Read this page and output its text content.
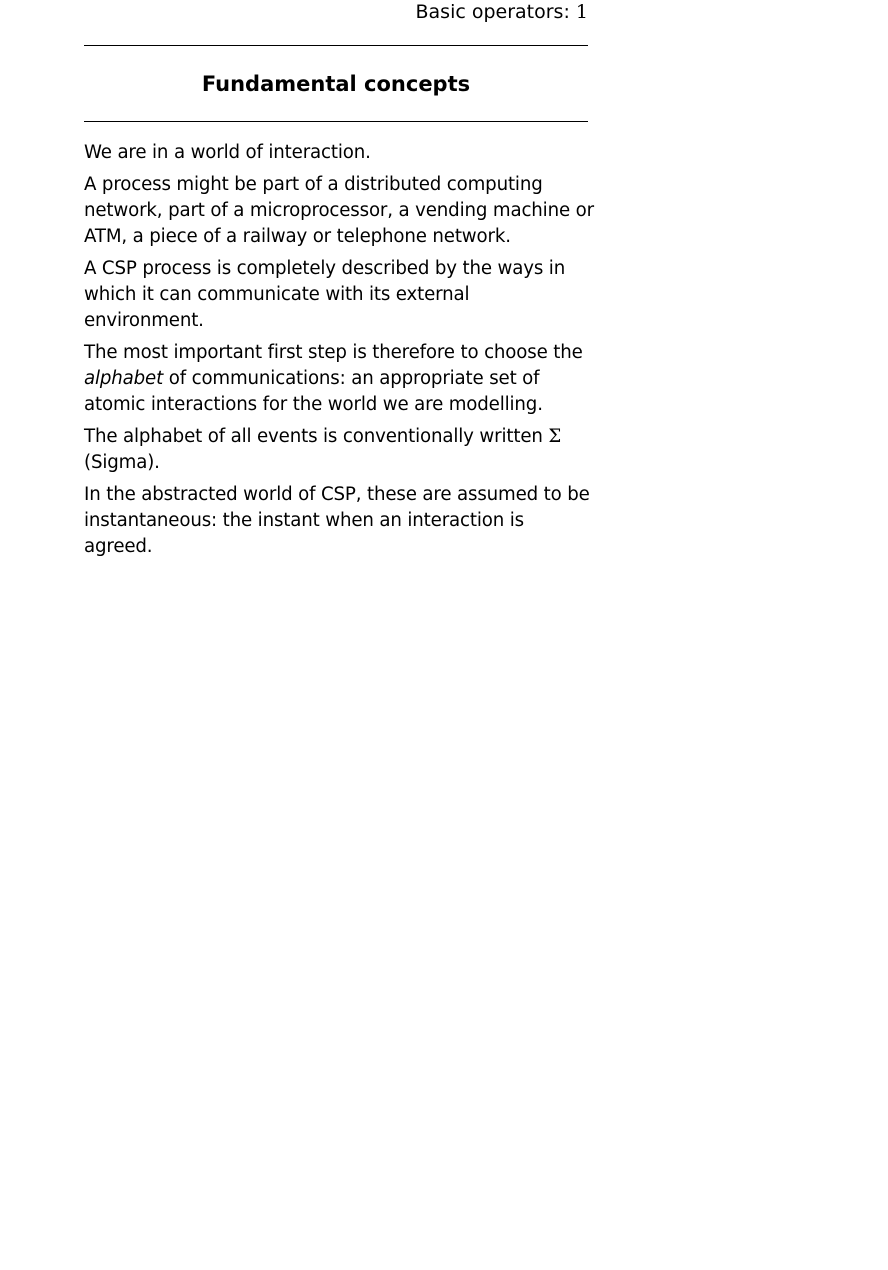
Basic operators: 1
Fundamental concepts

We are in a world of interaction.

A process might be part of a distributed computing network, part of a microprocessor, a vending machine or ATM, a piece of a railway or telephone network.

A CSP process is completely described by the ways in which it can communicate with its external environment.

The most important first step is therefore to choose the alphabet of communications: an appropriate set of atomic interactions for the world we are modelling.

The alphabet of all events is conventionally written Σ (Sigma).

In the abstracted world of CSP, these are assumed to be instantaneous: the instant when an interaction is agreed.
